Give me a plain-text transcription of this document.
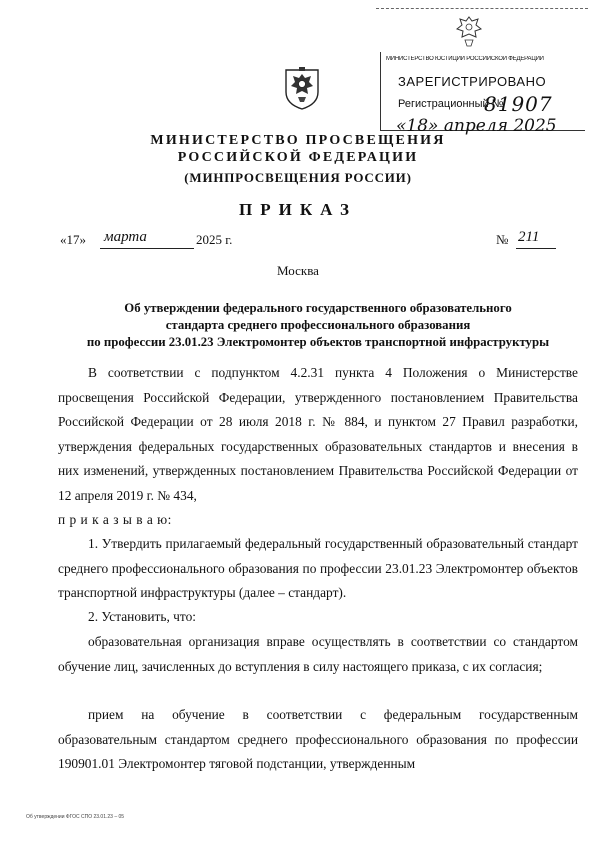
МИНИСТЕРСТВО ЮСТИЦИИ РОССИЙСКОЙ ФЕДЕРАЦИИ
ЗАРЕГИСТРИРОВАНО
Регистрационный №
81907
«18» апреля 2025
МИНИСТЕРСТВО ПРОСВЕЩЕНИЯ
РОССИЙСКОЙ ФЕДЕРАЦИИ
(МИНПРОСВЕЩЕНИЯ РОССИИ)
ПРИКАЗ
«17» марта	2025 г.	№ 211
Москва
Об утверждении федерального государственного образовательного
стандарта среднего профессионального образования
по профессии 23.01.23 Электромонтер объектов транспортной инфраструктуры
В соответствии с подпунктом 4.2.31 пункта 4 Положения о Министерстве просвещения Российской Федерации, утвержденного постановлением Правительства Российской Федерации от 28 июля 2018 г. № 884, и пунктом 27 Правил разработки, утверждения федеральных государственных образовательных стандартов и внесения в них изменений, утвержденных постановлением Правительства Российской Федерации от 12 апреля 2019 г. № 434,
п р и к а з ы в а ю:
1. Утвердить прилагаемый федеральный государственный образовательный стандарт среднего профессионального образования по профессии 23.01.23 Электромонтер объектов транспортной инфраструктуры (далее – стандарт).
2. Установить, что:
образовательная организация вправе осуществлять в соответствии со стандартом обучение лиц, зачисленных до вступления в силу настоящего приказа, с их согласия;
прием на обучение в соответствии с федеральным государственным образовательным стандартом среднего профессионального образования по профессии 190901.01 Электромонтер тяговой подстанции, утвержденным
Об утверждении ФГОС СПО 23.01.23 – 05
